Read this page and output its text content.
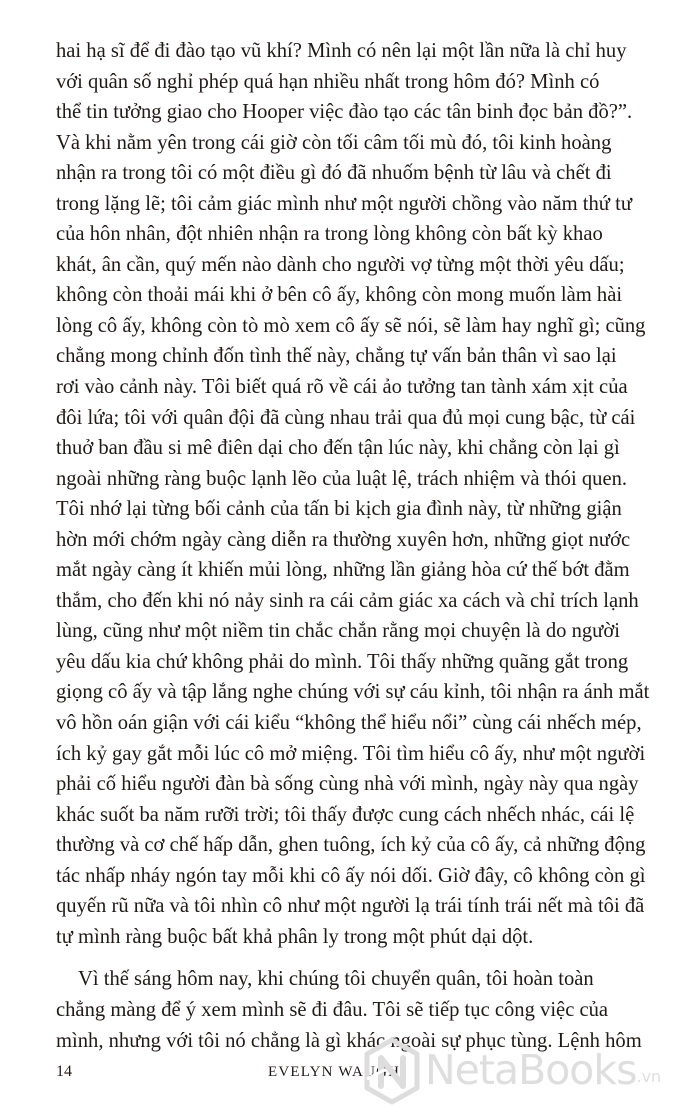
hai hạ sĩ để đi đào tạo vũ khí? Mình có nên lại một lần nữa là chỉ huy
với quân số nghỉ phép quá hạn nhiều nhất trong hôm đó? Mình có
thể tin tưởng giao cho Hooper việc đào tạo các tân binh đọc bản đồ?”.
Và khi nằm yên trong cái giờ còn tối câm tối mù đó, tôi kinh hoàng
nhận ra trong tôi có một điều gì đó đã nhuốm bệnh từ lâu và chết đi
trong lặng lẽ; tôi cảm giác mình như một người chồng vào năm thứ tư
của hôn nhân, đột nhiên nhận ra trong lòng không còn bất kỳ khao
khát, ân cần, quý mến nào dành cho người vợ từng một thời yêu dấu;
không còn thoải mái khi ở bên cô ấy, không còn mong muốn làm hài
lòng cô ấy, không còn tò mò xem cô ấy sẽ nói, sẽ làm hay nghĩ gì; cũng
chẳng mong chỉnh đốn tình thế này, chẳng tự vấn bản thân vì sao lại
rơi vào cảnh này. Tôi biết quá rõ về cái ảo tưởng tan tành xám xịt của
đôi lứa; tôi với quân đội đã cùng nhau trải qua đủ mọi cung bậc, từ cái
thuở ban đầu si mê điên dại cho đến tận lúc này, khi chẳng còn lại gì
ngoài những ràng buộc lạnh lẽo của luật lệ, trách nhiệm và thói quen.
Tôi nhớ lại từng bối cảnh của tấn bi kịch gia đình này, từ những giận
hờn mới chớm ngày càng diễn ra thường xuyên hơn, những giọt nước
mắt ngày càng ít khiến mủi lòng, những lần giảng hòa cứ thế bớt đằm
thắm, cho đến khi nó nảy sinh ra cái cảm giác xa cách và chỉ trích lạnh
lùng, cũng như một niềm tin chắc chắn rằng mọi chuyện là do người
yêu dấu kia chứ không phải do mình. Tôi thấy những quãng gắt trong
giọng cô ấy và tập lắng nghe chúng với sự cáu kỉnh, tôi nhận ra ánh mắt
vô hồn oán giận với cái kiểu “không thể hiểu nổi” cùng cái nhếch mép,
ích kỷ gay gắt mỗi lúc cô mở miệng. Tôi tìm hiểu cô ấy, như một người
phải cố hiểu người đàn bà sống cùng nhà với mình, ngày này qua ngày
khác suốt ba năm rưỡi trời; tôi thấy được cung cách nhếch nhác, cái lệ
thường và cơ chế hấp dẫn, ghen tuông, ích kỷ của cô ấy, cả những động
tác nhấp nháy ngón tay mỗi khi cô ấy nói dối. Giờ đây, cô không còn gì
quyến rũ nữa và tôi nhìn cô như một người lạ trái tính trái nết mà tôi đã
tự mình ràng buộc bất khả phân ly trong một phút dại dột.
Vì thế sáng hôm nay, khi chúng tôi chuyển quân, tôi hoàn toàn
chẳng màng để ý xem mình sẽ đi đâu. Tôi sẽ tiếp tục công việc của
mình, nhưng với tôi nó chẳng là gì khác ngoài sự phục tùng. Lệnh hôm
14	EVELYN WAUGH NetaBooks.vn
